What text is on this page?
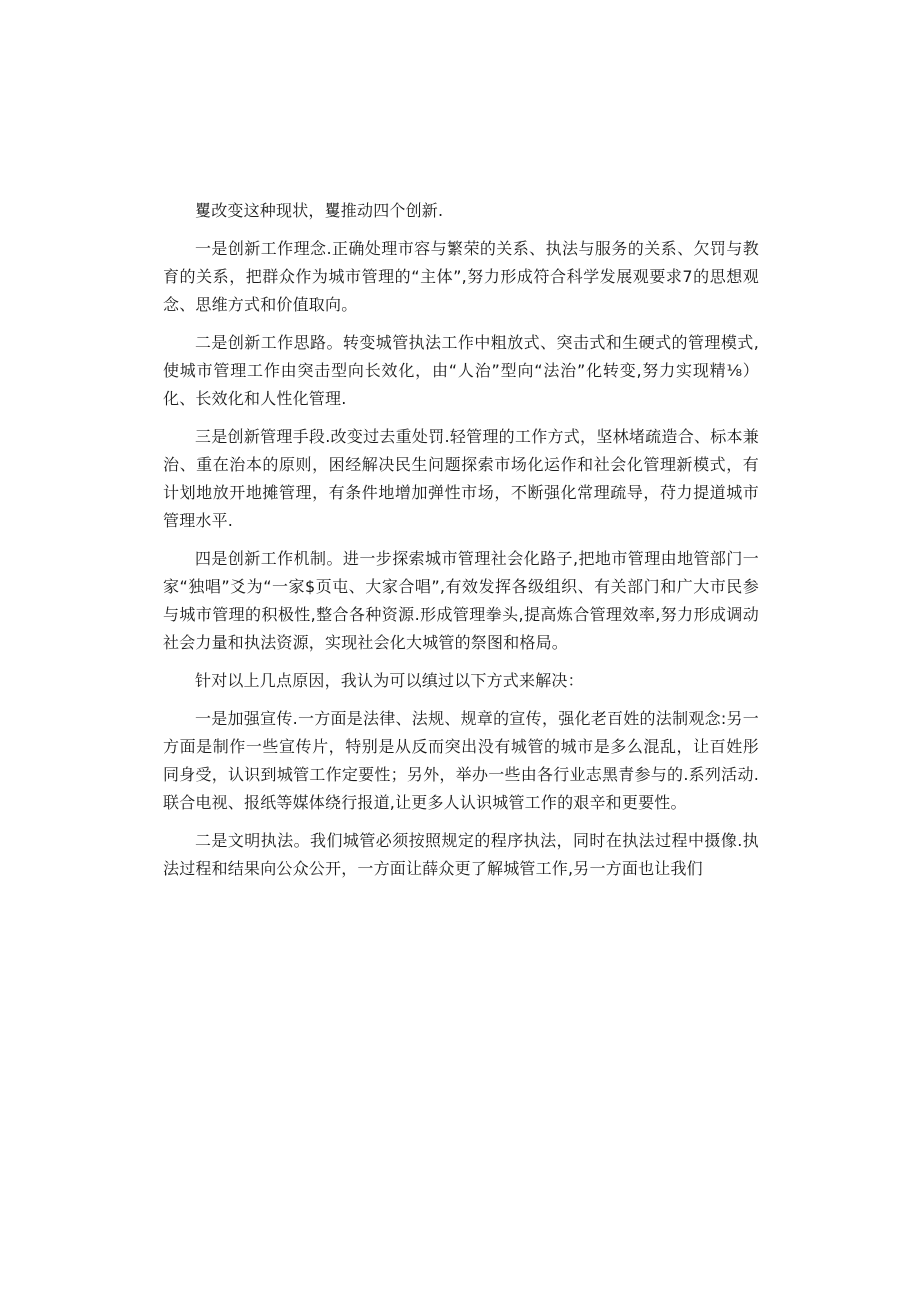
矍改变这种现状，矍推动四个创新.

一是创新工作理念.正确处理市容与繁荣的关系、执法与服务的关系、欠罚与教育的关系，把群众作为城市管理的“主体”,努力形成符合科学发展观要求7的思想观念、思维方式和价值取向。

二是创新工作思路。转变城管执法工作中粗放式、突击式和生硬式的管理模式,使城市管理工作由突击型向长效化，由“人治”型向“法治”化转变,努力实现精⅛）化、长效化和人性化管理.

三是创新管理手段.改变过去重处罚.轻管理的工作方式，坚林堵疏造合、标本兼治、重在治本的原则，困经解决民生问题探索市场化运作和社会化管理新模式，有计划地放开地摊管理，有条件地增加弹性市场，不断强化常理疏导，苻力提道城市管理水平.

四是创新工作机制。进一步探索城市管理社会化路子,把地市管理由地管部门一家“独唱”爻为“一家$页屯、大家合唱”,有效发挥各级组织、有关部门和广大市民参与城市管理的积极性,整合各种资源.形成管理拳头,提高炼合管理效率,努力形成调动社会力量和执法资源，实现社会化大城管的祭图和格局。

针对以上几点原因，我认为可以缜过以下方式来解决：

一是加强宣传.一方面是法律、法规、规章的宣传，强化老百姓的法制观念:另一方面是制作一些宣传片，特别是从反而突出没有城管的城市是多么混乱，让百姓彤同身受，认识到城管工作定要性；另外，举办一些由各行业志黑青参与的.系列活动.联合电视、报纸等媒体绕行报道,让更多人认识城管工作的艰辛和更要性。

二是文明执法。我们城管必须按照规定的程序执法，同时在执法过程中摄像.执法过程和结果向公众公开，一方面让薛众更了解城管工作,另一方面也让我们
